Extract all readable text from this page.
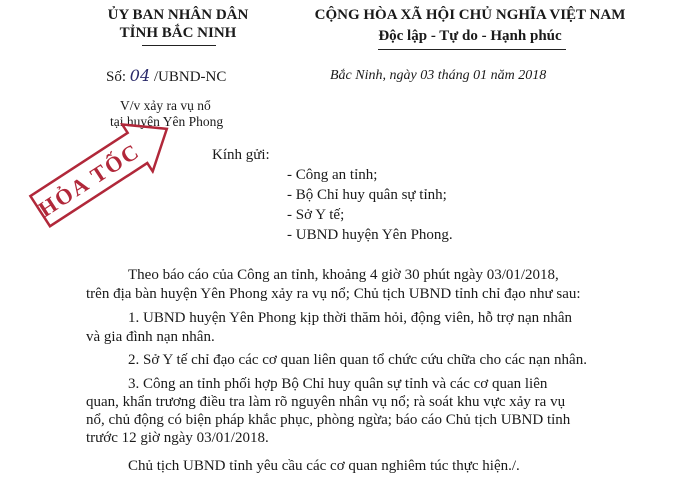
ỦY BAN NHÂN DÂN
TỈNH BẮC NINH
CỘNG HÒA XÃ HỘI CHỦ NGHĨA VIỆT NAM
Độc lập - Tự do - Hạnh phúc
Số: 04 /UBND-NC	Bắc Ninh, ngày 03 tháng 01 năm 2018
V/v xảy ra vụ nổ
tại huyện Yên Phong
HỎA TỐC	Kính gửi:
- Công an tỉnh;
- Bộ Chỉ huy quân sự tỉnh;
- Sở Y tế;
- UBND huyện Yên Phong.
Theo báo cáo của Công an tỉnh, khoảng 4 giờ 30 phút ngày 03/01/2018,
trên địa bàn huyện Yên Phong xảy ra vụ nổ; Chủ tịch UBND tỉnh chỉ đạo như sau:
1. UBND huyện Yên Phong kịp thời thăm hỏi, động viên, hỗ trợ nạn nhân
và gia đình nạn nhân.
2. Sở Y tế chỉ đạo các cơ quan liên quan tổ chức cứu chữa cho các nạn nhân.
3. Công an tỉnh phối hợp Bộ Chỉ huy quân sự tỉnh và các cơ quan liên
quan, khẩn trương điều tra làm rõ nguyên nhân vụ nổ; rà soát khu vực xảy ra vụ
nổ, chủ động có biện pháp khắc phục, phòng ngừa; báo cáo Chủ tịch UBND tỉnh
trước 12 giờ ngày 03/01/2018.
Chủ tịch UBND tỉnh yêu cầu các cơ quan nghiêm túc thực hiện./.
